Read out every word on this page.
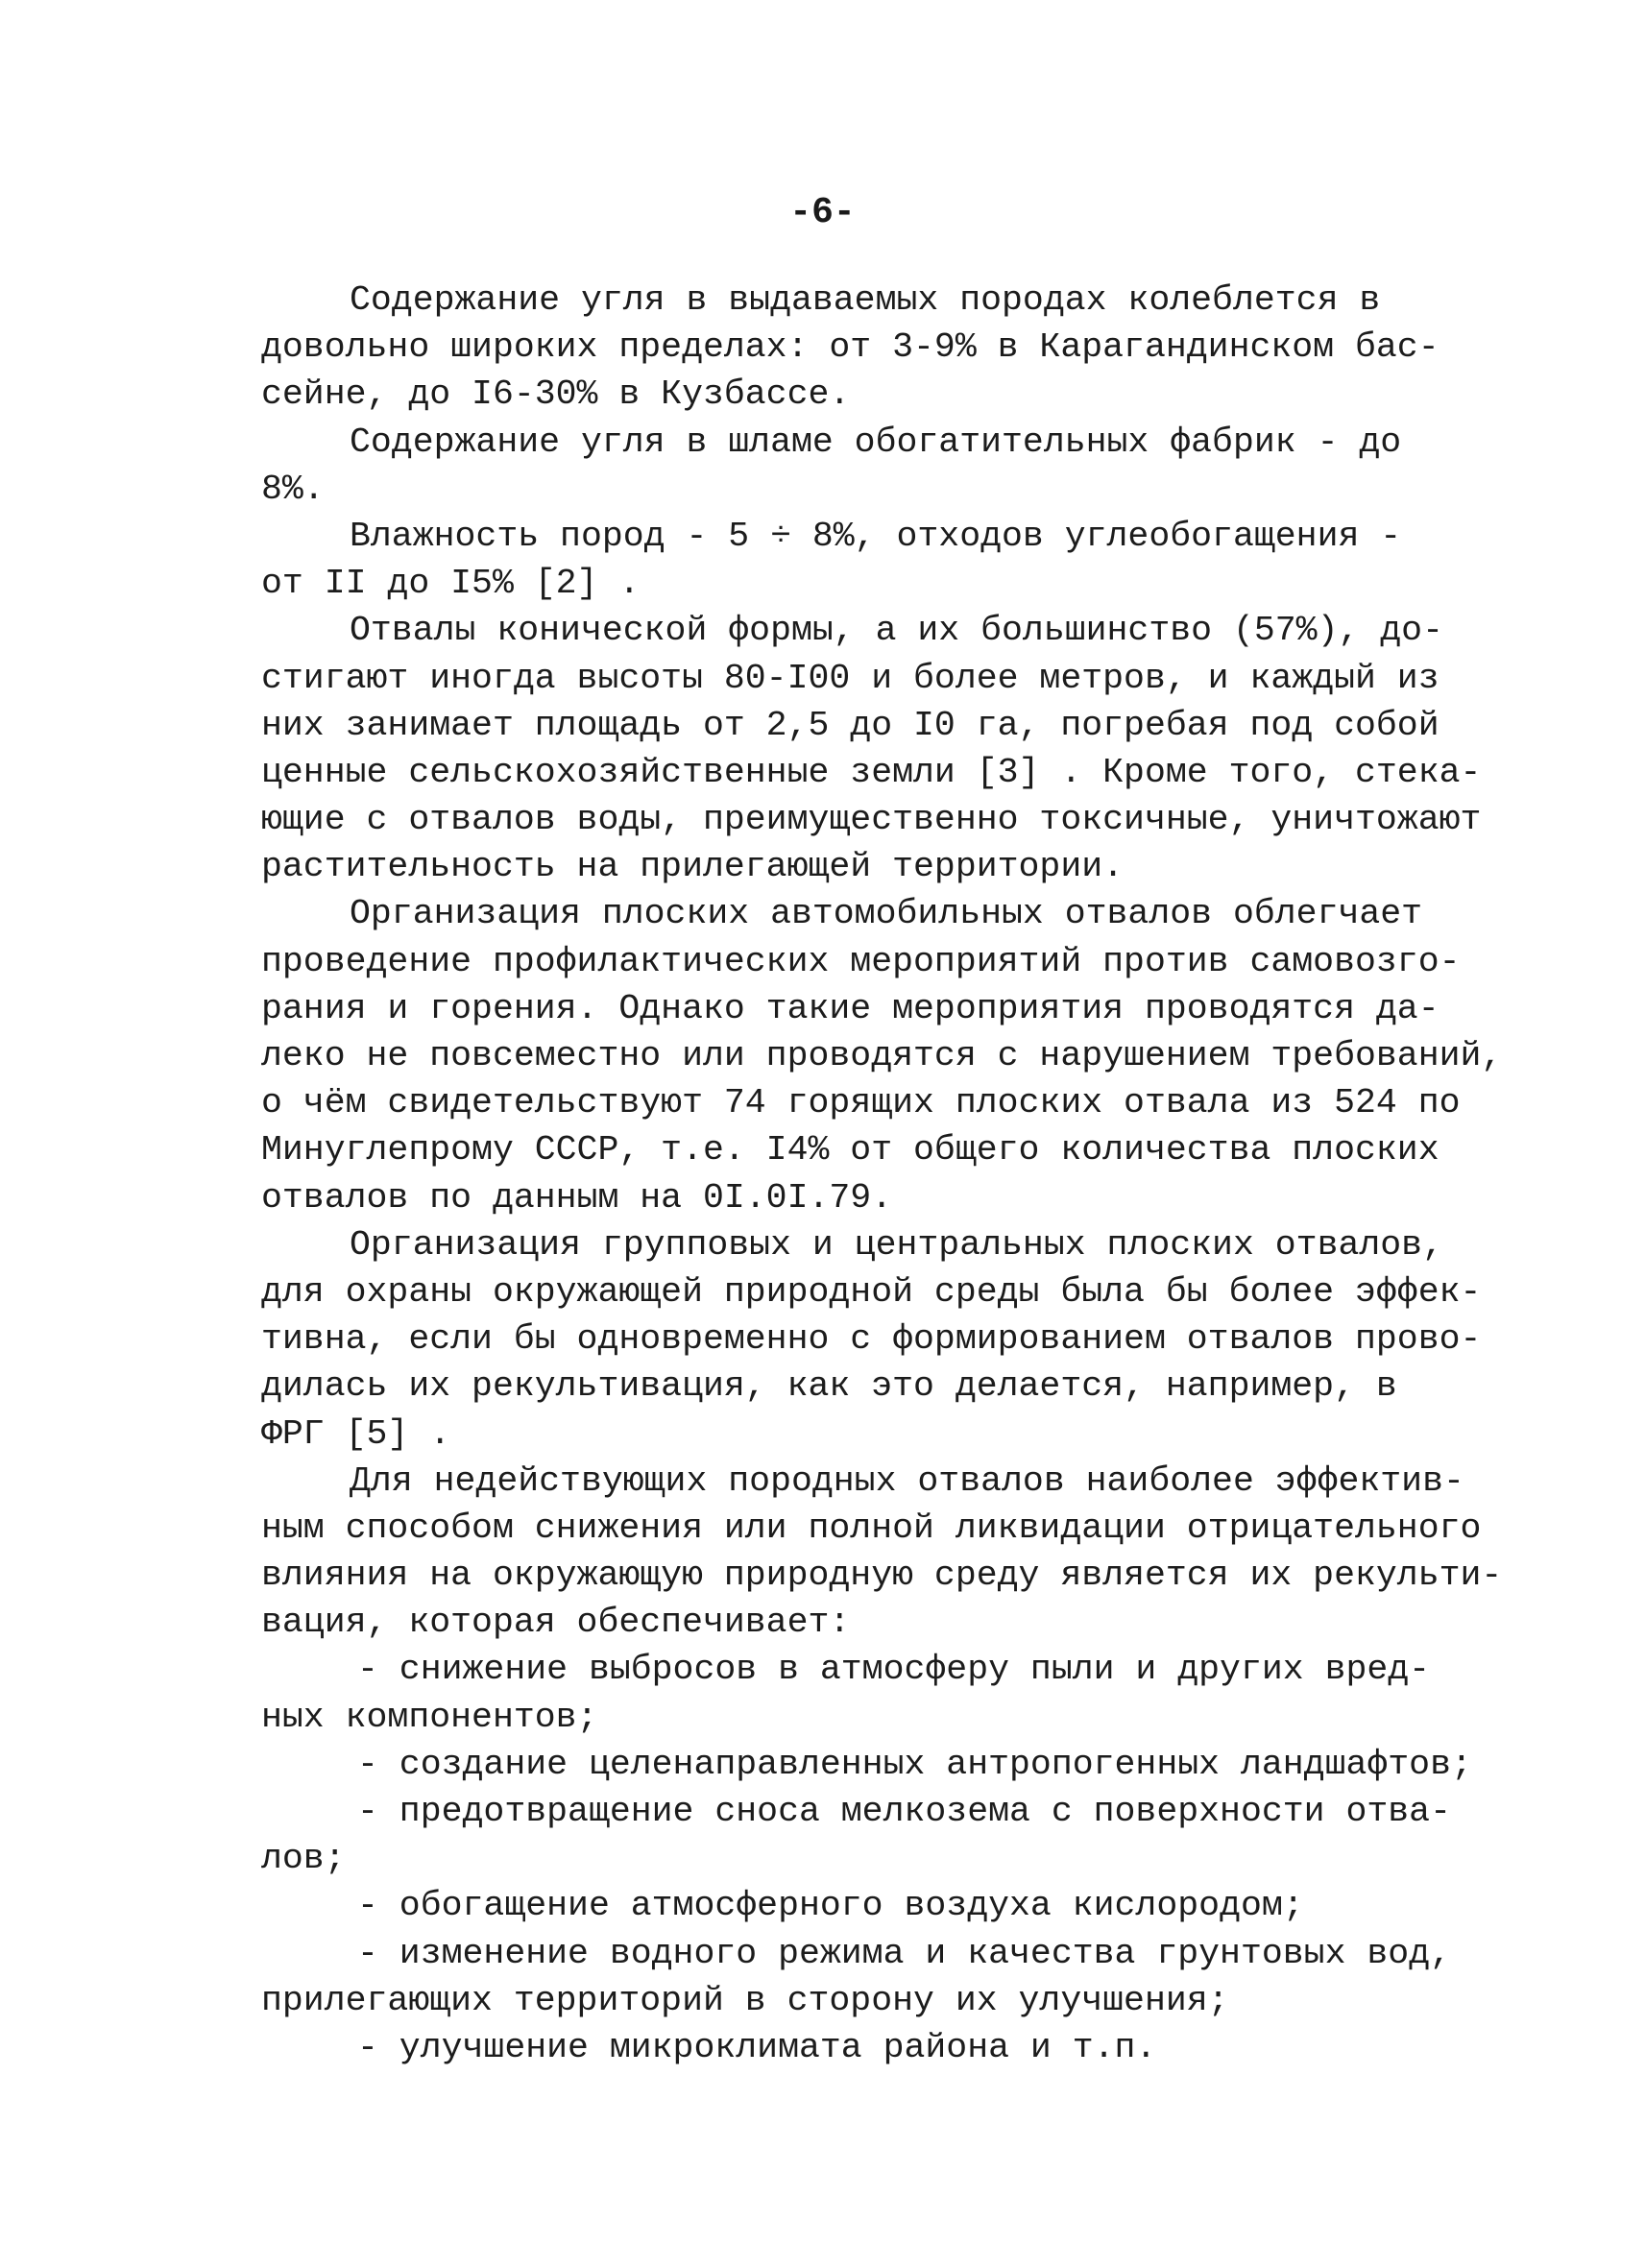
-6-
Содержание угля в выдаваемых породах колеблется в
довольно широких пределах: от 3-9% в Карагандинском бас-
сейне, до I6-30% в Кузбассе.
Содержание угля в шламе обогатительных фабрик - до
8%.
Влажность пород - 5 ÷ 8%, отходов углеобогащения -
от II до I5% [2] .
Отвалы конической формы, а их большинство (57%), до-
стигают иногда высоты 80-I00 и более метров, и каждый из
них занимает площадь от 2,5 до I0 га, погребая под собой
ценные сельскохозяйственные земли [3] . Кроме того, стека-
ющие с отвалов воды, преимущественно токсичные, уничтожают
растительность на прилегающей территории.
Организация плоских автомобильных отвалов облегчает
проведение профилактических мероприятий против самовозго-
рания и горения. Однако такие мероприятия проводятся да-
леко не повсеместно или проводятся с нарушением требований,
о чём свидетельствуют 74 горящих плоских отвала из 524 по
Минуглепрому СССР, т.е. I4% от общего количества плоских
отвалов по данным на 0I.0I.79.
Организация групповых и центральных плоских отвалов,
для охраны окружающей природной среды была бы более эффек-
тивна, если бы одновременно с формированием отвалов прово-
дилась их рекультивация, как это делается, например, в
ФРГ [5] .
Для недействующих породных отвалов наиболее эффектив-
ным способом снижения или полной ликвидации отрицательного
влияния на окружающую природную среду является их рекульти-
вация, которая обеспечивает:
- снижение выбросов в атмосферу пыли и других вред-
ных компонентов;
- создание целенаправленных антропогенных ландшафтов;
- предотвращение сноса мелкозема с поверхности отва-
лов;
- обогащение атмосферного воздуха кислородом;
- изменение водного режима и качества грунтовых вод,
прилегающих территорий в сторону их улучшения;
- улучшение микроклимата района и т.п.
